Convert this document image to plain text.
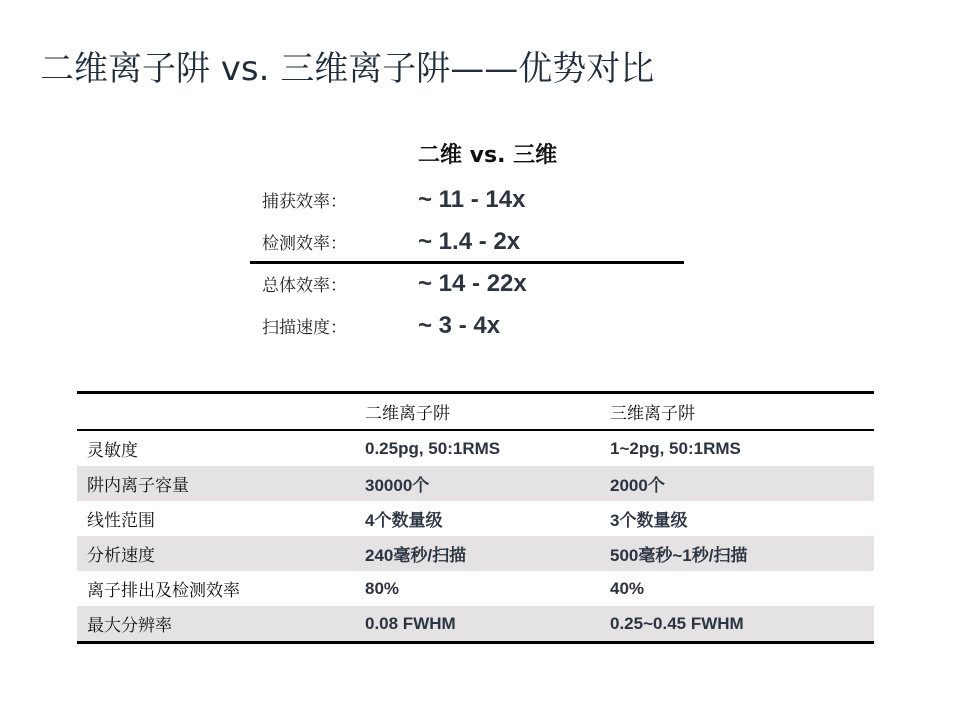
二维离子阱 vs. 三维离子阱——优势对比
二维 vs. 三维
捕获效率：	~ 11 - 14x
检测效率：	~ 1.4 - 2x
总体效率：	~ 14 - 22x
扫描速度：	~ 3 - 4x
	二维离子阱	三维离子阱
灵敏度	0.25pg, 50:1RMS	1~2pg, 50:1RMS
阱内离子容量	30000个	2000个
线性范围	4个数量级	3个数量级
分析速度	240毫秒/扫描	500毫秒~1秒/扫描
离子排出及检测效率	80%	40%
最大分辨率	0.08 FWHM	0.25~0.45 FWHM
